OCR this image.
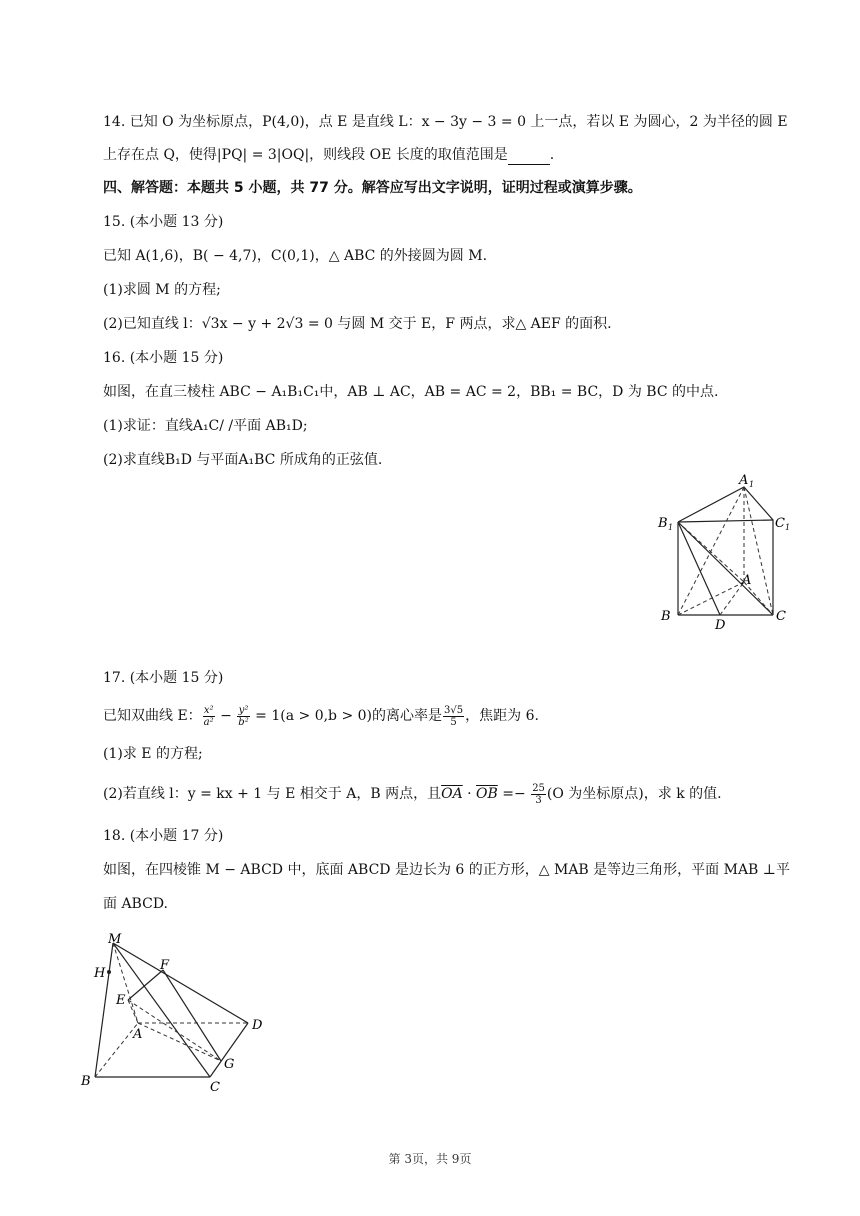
14. 已知 O 为坐标原点，P(4,0)，点 E 是直线 L：x − 3y − 3 = 0 上一点，若以 E 为圆心，2 为半径的圆 E
上存在点 Q，使得|PQ| = 3|OQ|，则线段 OE 长度的取值范围是	.
四、解答题：本题共 5 小题，共 77 分。解答应写出文字说明，证明过程或演算步骤。
15. (本小题 13 分)
已知 A(1,6)，B( − 4,7)，C(0,1)，△ ABC 的外接圆为圆 M.
(1)求圆 M 的方程;
(2)已知直线 l：√3x − y + 2√3 = 0 与圆 M 交于 E，F 两点，求△ AEF 的面积.
16. (本小题 15 分)
如图，在直三棱柱 ABC − A₁B₁C₁中，AB ⊥ AC，AB = AC = 2，BB₁ = BC，D 为 BC 的中点.
(1)求证：直线A₁C/ /平面 AB₁D;
(2)求直线B₁D 与平面A₁BC 所成角的正弦值.
A 1
B 1	C 1
A
B	C
D
17. (本小题 15 分)
已知双曲线 E： $\frac{\text{x²}}{\text{a²}} - \frac{\text{y²}}{\text{b²}} = 1(a > 0,b > 0)$的离心率是 $\frac{3√5}{5}$ ，焦距为 6.
(1)求 E 的方程;
(2)若直线 l：y = kx + 1 与 E 相交于 A，B 两点，且$\overline{OA} \cdot \overline{OB} =- \frac{25}{3} (O$ 为坐标原点)，求 k 的值.
18. (本小题 17 分)
如图，在四棱锥 M − ABCD 中，底面 ABCD 是边长为 6 的正方形，△ MAB 是等边三角形，平面 MAB ⊥平
面 ABCD.
M
H
F
E
A
D
G
B	C
第 3页，共 9页
